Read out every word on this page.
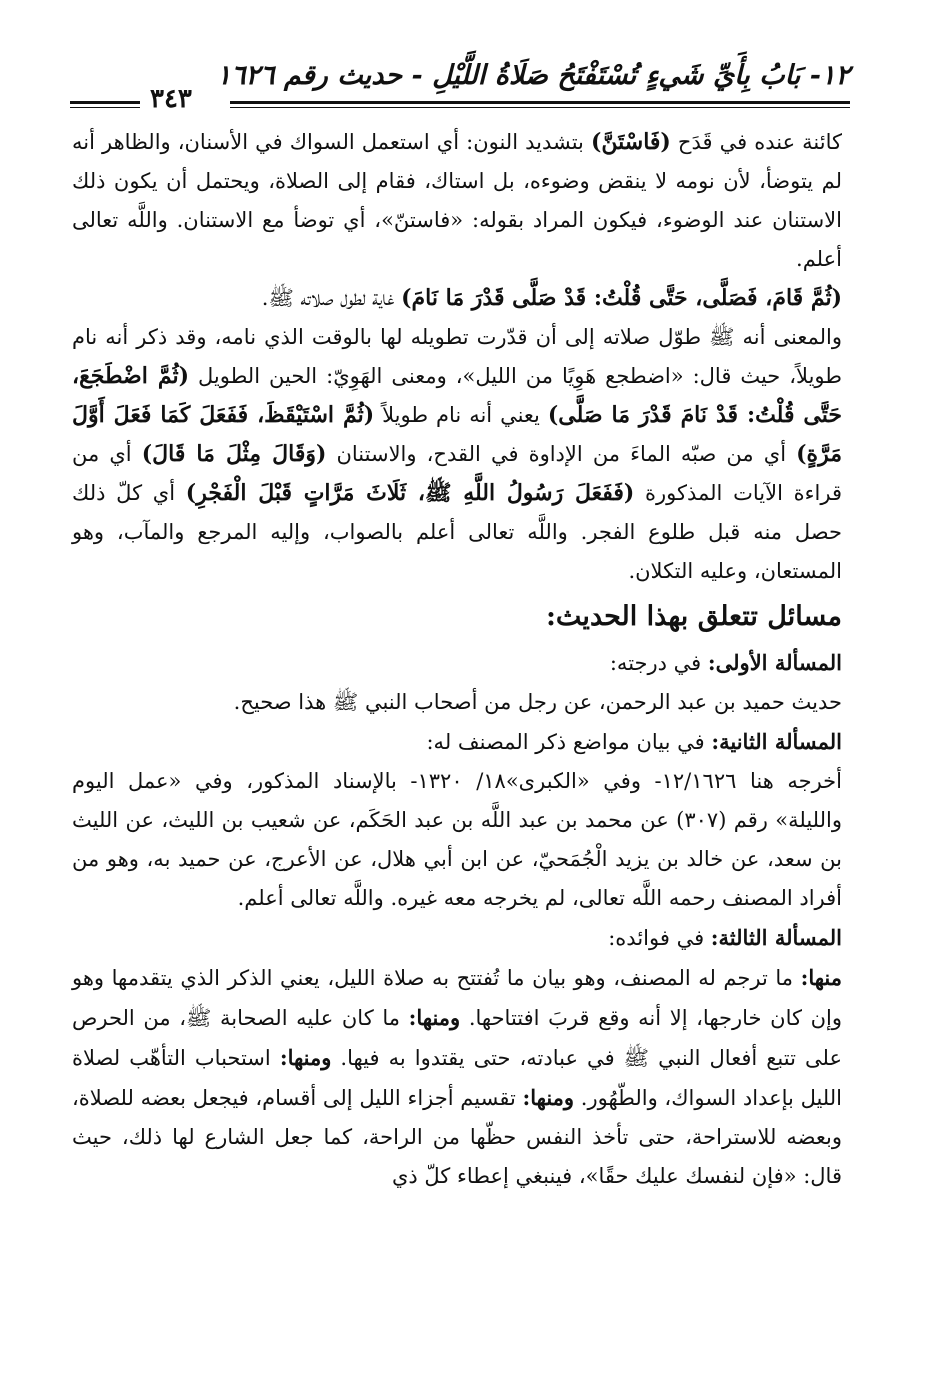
١٢- بَابُ بِأَيِّ شَيءٍ تُسْتَفْتَحُ صَلَاةُ اللَّيْلِ - حديث رقم ١٦٢٦
٣٤٣

كائنة عنده في قَدَح (فَاسْتَنَّ) بتشديد النون: أي استعمل السواك في الأسنان، والظاهر أنه لم يتوضأ، لأن نومه لا ينقض وضوءه، بل استاك، فقام إلى الصلاة، ويحتمل أن يكون ذلك الاستنان عند الوضوء، فيكون المراد بقوله: «فاستنّ»، أي توضأ مع الاستنان. واللَّه تعالى أعلم.

(ثُمَّ قَامَ، فَصَلَّى، حَتَّى قُلْتُ: قَدْ صَلَّى قَدْرَ مَا نَامَ) غاية لطول صلاته ﷺ.

والمعنى أنه ﷺ طوّل صلاته إلى أن قدّرت تطويله لها بالوقت الذي نامه، وقد ذكر أنه نام طويلاً، حيث قال: «اضطجع هَوِيًا من الليل»، ومعنى الهَوِيّ: الحين الطويل (ثُمَّ اضْطَجَعَ، حَتَّى قُلْتُ: قَدْ نَامَ قَدْرَ مَا صَلَّى) يعني أنه نام طويلاً (ثُمَّ اسْتَيْقَظَ، فَفَعَلَ كَمَا فَعَلَ أَوَّلَ مَرَّةٍ) أي من صبّه الماءَ من الإداوة في القدح، والاستنان (وَقَالَ مِثْلَ مَا قَالَ) أي من قراءة الآيات المذكورة (فَفَعَلَ رَسُولُ اللَّهِ ﷺ، ثَلَاثَ مَرَّاتٍ قَبْلَ الْفَجْرِ) أي كلّ ذلك حصل منه قبل طلوع الفجر. واللَّه تعالى أعلم بالصواب، وإليه المرجع والمآب، وهو المستعان، وعليه التكلان.

مسائل تتعلق بهذا الحديث:

المسألة الأولى: في درجته:

حديث حميد بن عبد الرحمن، عن رجل من أصحاب النبي ﷺ هذا صحيح.

المسألة الثانية: في بيان مواضع ذكر المصنف له:

أخرجه هنا ١٢/١٦٢٦- وفي «الكبرى»١٨/ ١٣٢٠- بالإسناد المذكور، وفي «عمل اليوم والليلة» رقم (٣٠٧) عن محمد بن عبد اللَّه بن عبد الحَكَم، عن شعيب بن الليث، عن الليث بن سعد، عن خالد بن يزيد الْجُمَحيّ، عن ابن أبي هلال، عن الأعرج، عن حميد به، وهو من أفراد المصنف رحمه اللَّه تعالى، لم يخرجه معه غيره. واللَّه تعالى أعلم.

المسألة الثالثة: في فوائده:

منها: ما ترجم له المصنف، وهو بيان ما تُفتتح به صلاة الليل، يعني الذكر الذي يتقدمها وهو وإن كان خارجها، إلا أنه وقع قربَ افتتاحها. ومنها: ما كان عليه الصحابة ﷺ، من الحرص على تتبع أفعال النبي ﷺ في عبادته، حتى يقتدوا به فيها. ومنها: استحباب التأهّب لصلاة الليل بإعداد السواك، والطّهُور. ومنها: تقسيم أجزاء الليل إلى أقسام، فيجعل بعضه للصلاة، وبعضه للاستراحة، حتى تأخذ النفس حظّها من الراحة، كما جعل الشارع لها ذلك، حيث قال: «فإن لنفسك عليك حقًا»، فينبغي إعطاء كلّ ذي
